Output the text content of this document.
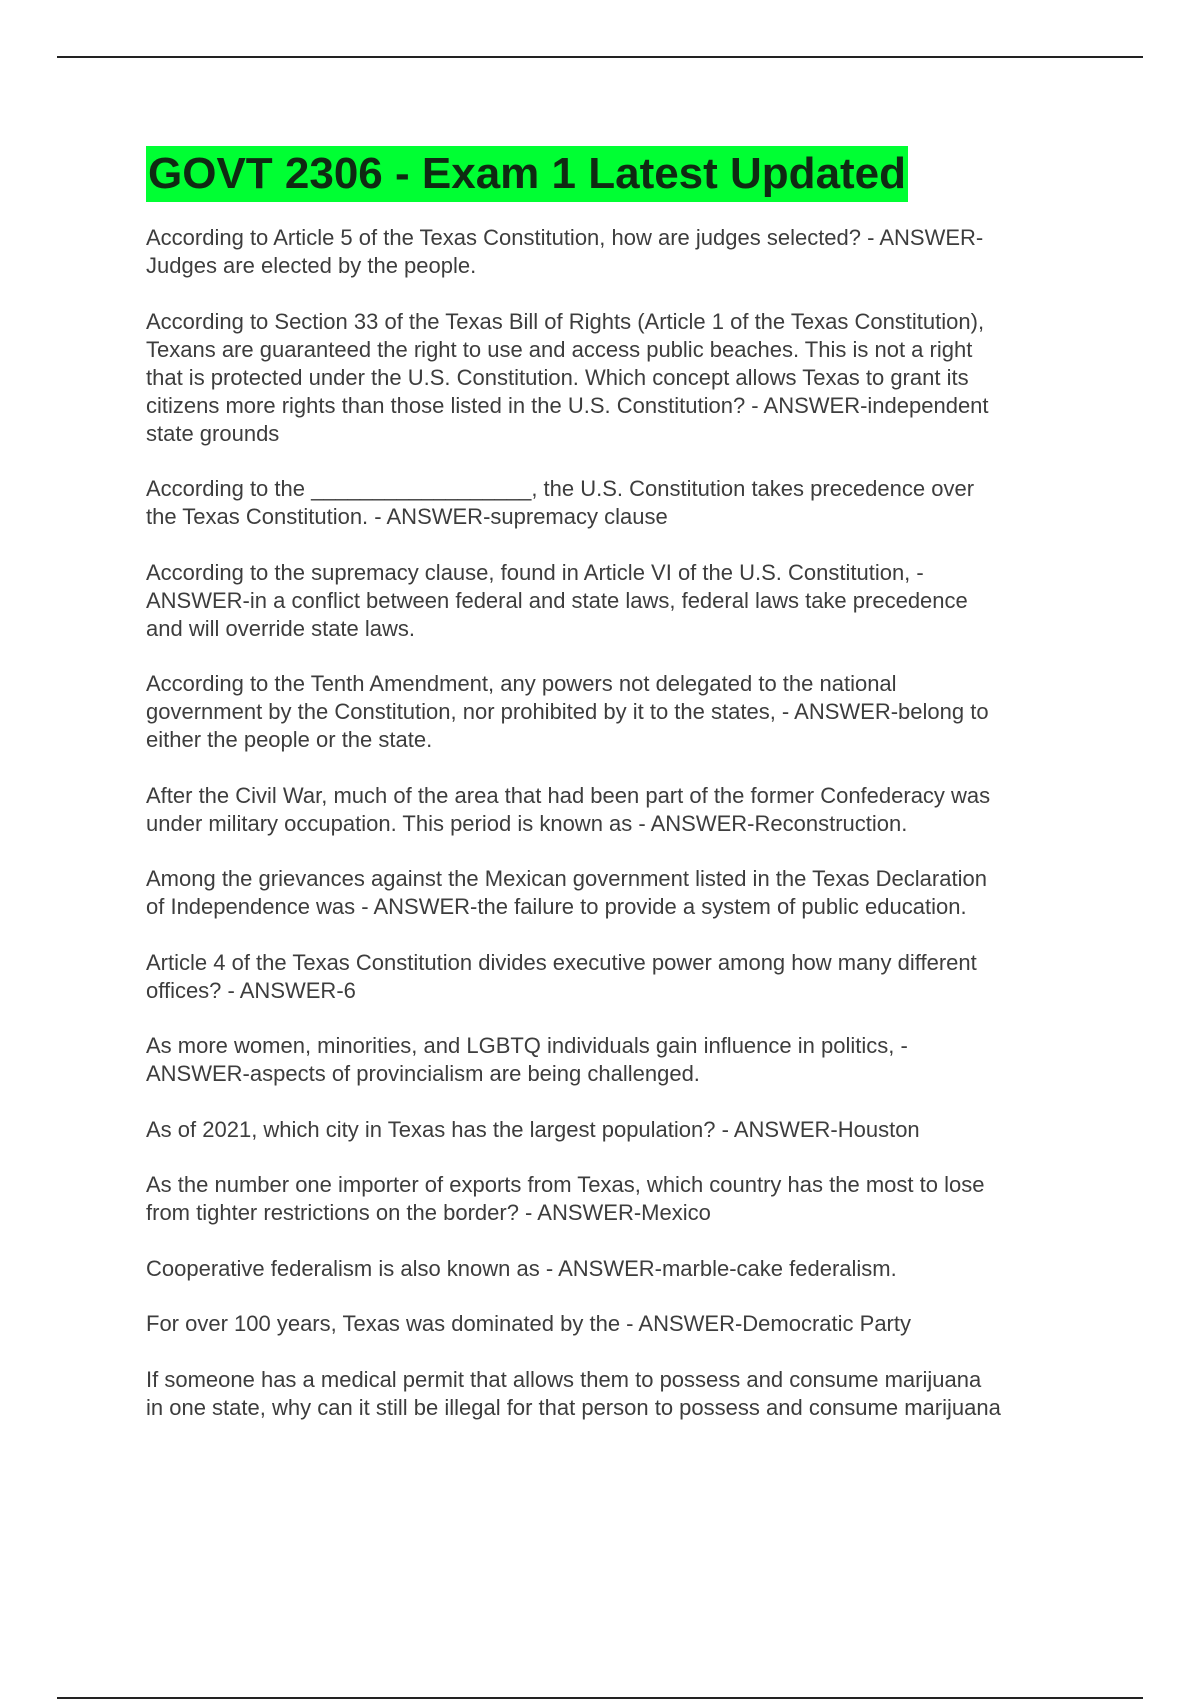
GOVT 2306 - Exam 1 Latest Updated

According to Article 5 of the Texas Constitution, how are judges selected? - ANSWER-
Judges are elected by the people.

According to Section 33 of the Texas Bill of Rights (Article 1 of the Texas Constitution),
Texans are guaranteed the right to use and access public beaches. This is not a right
that is protected under the U.S. Constitution. Which concept allows Texas to grant its
citizens more rights than those listed in the U.S. Constitution? - ANSWER-independent
state grounds

According to the __________________, the U.S. Constitution takes precedence over
the Texas Constitution. - ANSWER-supremacy clause

According to the supremacy clause, found in Article VI of the U.S. Constitution, -
ANSWER-in a conflict between federal and state laws, federal laws take precedence
and will override state laws.

According to the Tenth Amendment, any powers not delegated to the national
government by the Constitution, nor prohibited by it to the states, - ANSWER-belong to
either the people or the state.

After the Civil War, much of the area that had been part of the former Confederacy was
under military occupation. This period is known as - ANSWER-Reconstruction.

Among the grievances against the Mexican government listed in the Texas Declaration
of Independence was - ANSWER-the failure to provide a system of public education.

Article 4 of the Texas Constitution divides executive power among how many different
offices? - ANSWER-6

As more women, minorities, and LGBTQ individuals gain influence in politics, -
ANSWER-aspects of provincialism are being challenged.

As of 2021, which city in Texas has the largest population? - ANSWER-Houston

As the number one importer of exports from Texas, which country has the most to lose
from tighter restrictions on the border? - ANSWER-Mexico

Cooperative federalism is also known as - ANSWER-marble-cake federalism.

For over 100 years, Texas was dominated by the - ANSWER-Democratic Party

If someone has a medical permit that allows them to possess and consume marijuana
in one state, why can it still be illegal for that person to possess and consume marijuana
